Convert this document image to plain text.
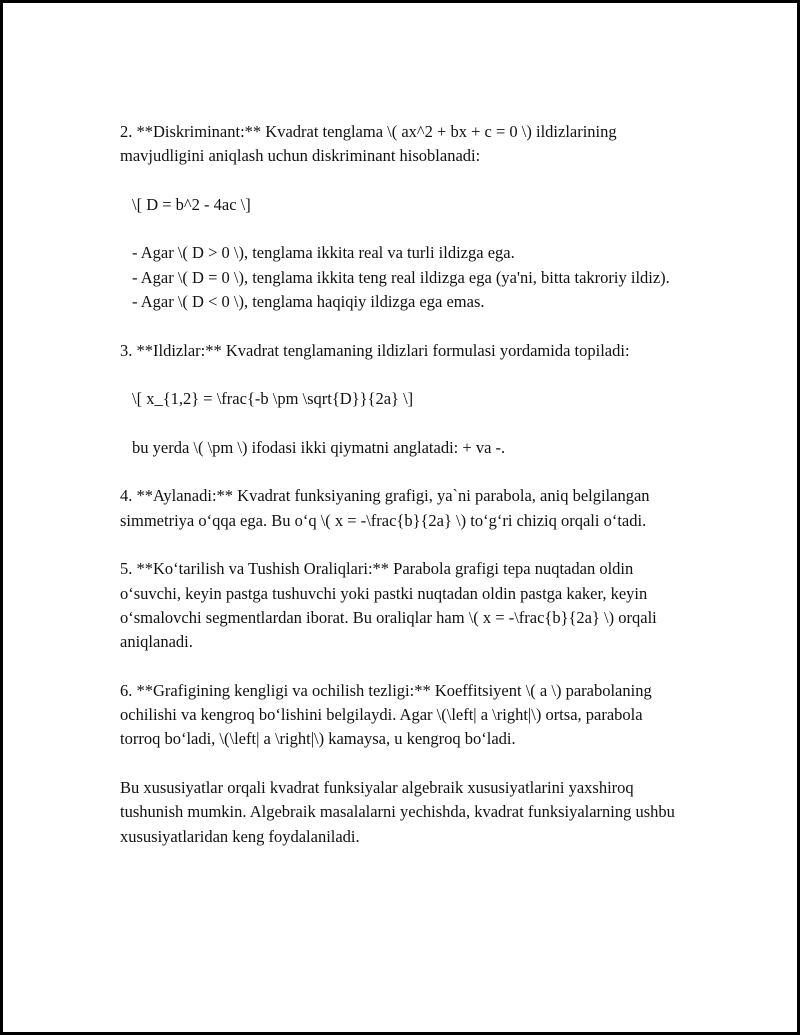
2. **Diskriminant:** Kvadrat tenglama \( ax^2 + bx + c = 0 \) ildizlarining mavjudligini aniqlash uchun diskriminant hisoblanadi:

\[ D = b^2 - 4ac \]

- Agar \( D > 0 \), tenglama ikkita real va turli ildizga ega.

- Agar \( D = 0 \), tenglama ikkita teng real ildizga ega (ya'ni, bitta takroriy ildiz).

- Agar \( D < 0 \), tenglama haqiqiy ildizga ega emas.

3. **Ildizlar:** Kvadrat tenglamaning ildizlari formulasi yordamida topiladi:

\[ x_{1,2} = \frac{-b \pm \sqrt{D}}{2a} \]

bu yerda \( \pm \) ifodasi ikki qiymatni anglatadi: + va -.

4. **Aylanadi:** Kvadrat funksiyaning grafigi, ya`ni parabola, aniq belgilangan simmetriya o‘qqa ega. Bu o‘q \( x = -\frac{b}{2a} \) to‘g‘ri chiziq orqali o‘tadi.

5. **Ko‘tarilish va Tushish Oraliqlari:** Parabola grafigi tepa nuqtadan oldin o‘suvchi, keyin pastga tushuvchi yoki pastki nuqtadan oldin pastga kaker, keyin o‘smalovchi segmentlardan iborat. Bu oraliqlar ham \( x = -\frac{b}{2a} \) orqali aniqlanadi.

6. **Grafigining kengligi va ochilish tezligi:** Koeffitsiyent \( a \) parabolaning ochilishi va kengroq bo‘lishini belgilaydi. Agar \(\left| a \right|\) ortsa, parabola torroq bo‘ladi, \(\left| a \right|\) kamaysa, u kengroq bo‘ladi.

Bu xususiyatlar orqali kvadrat funksiyalar algebraik xususiyatlarini yaxshiroq tushunish mumkin. Algebraik masalalarni yechishda, kvadrat funksiyalarning ushbu xususiyatlaridan keng foydalaniladi.
